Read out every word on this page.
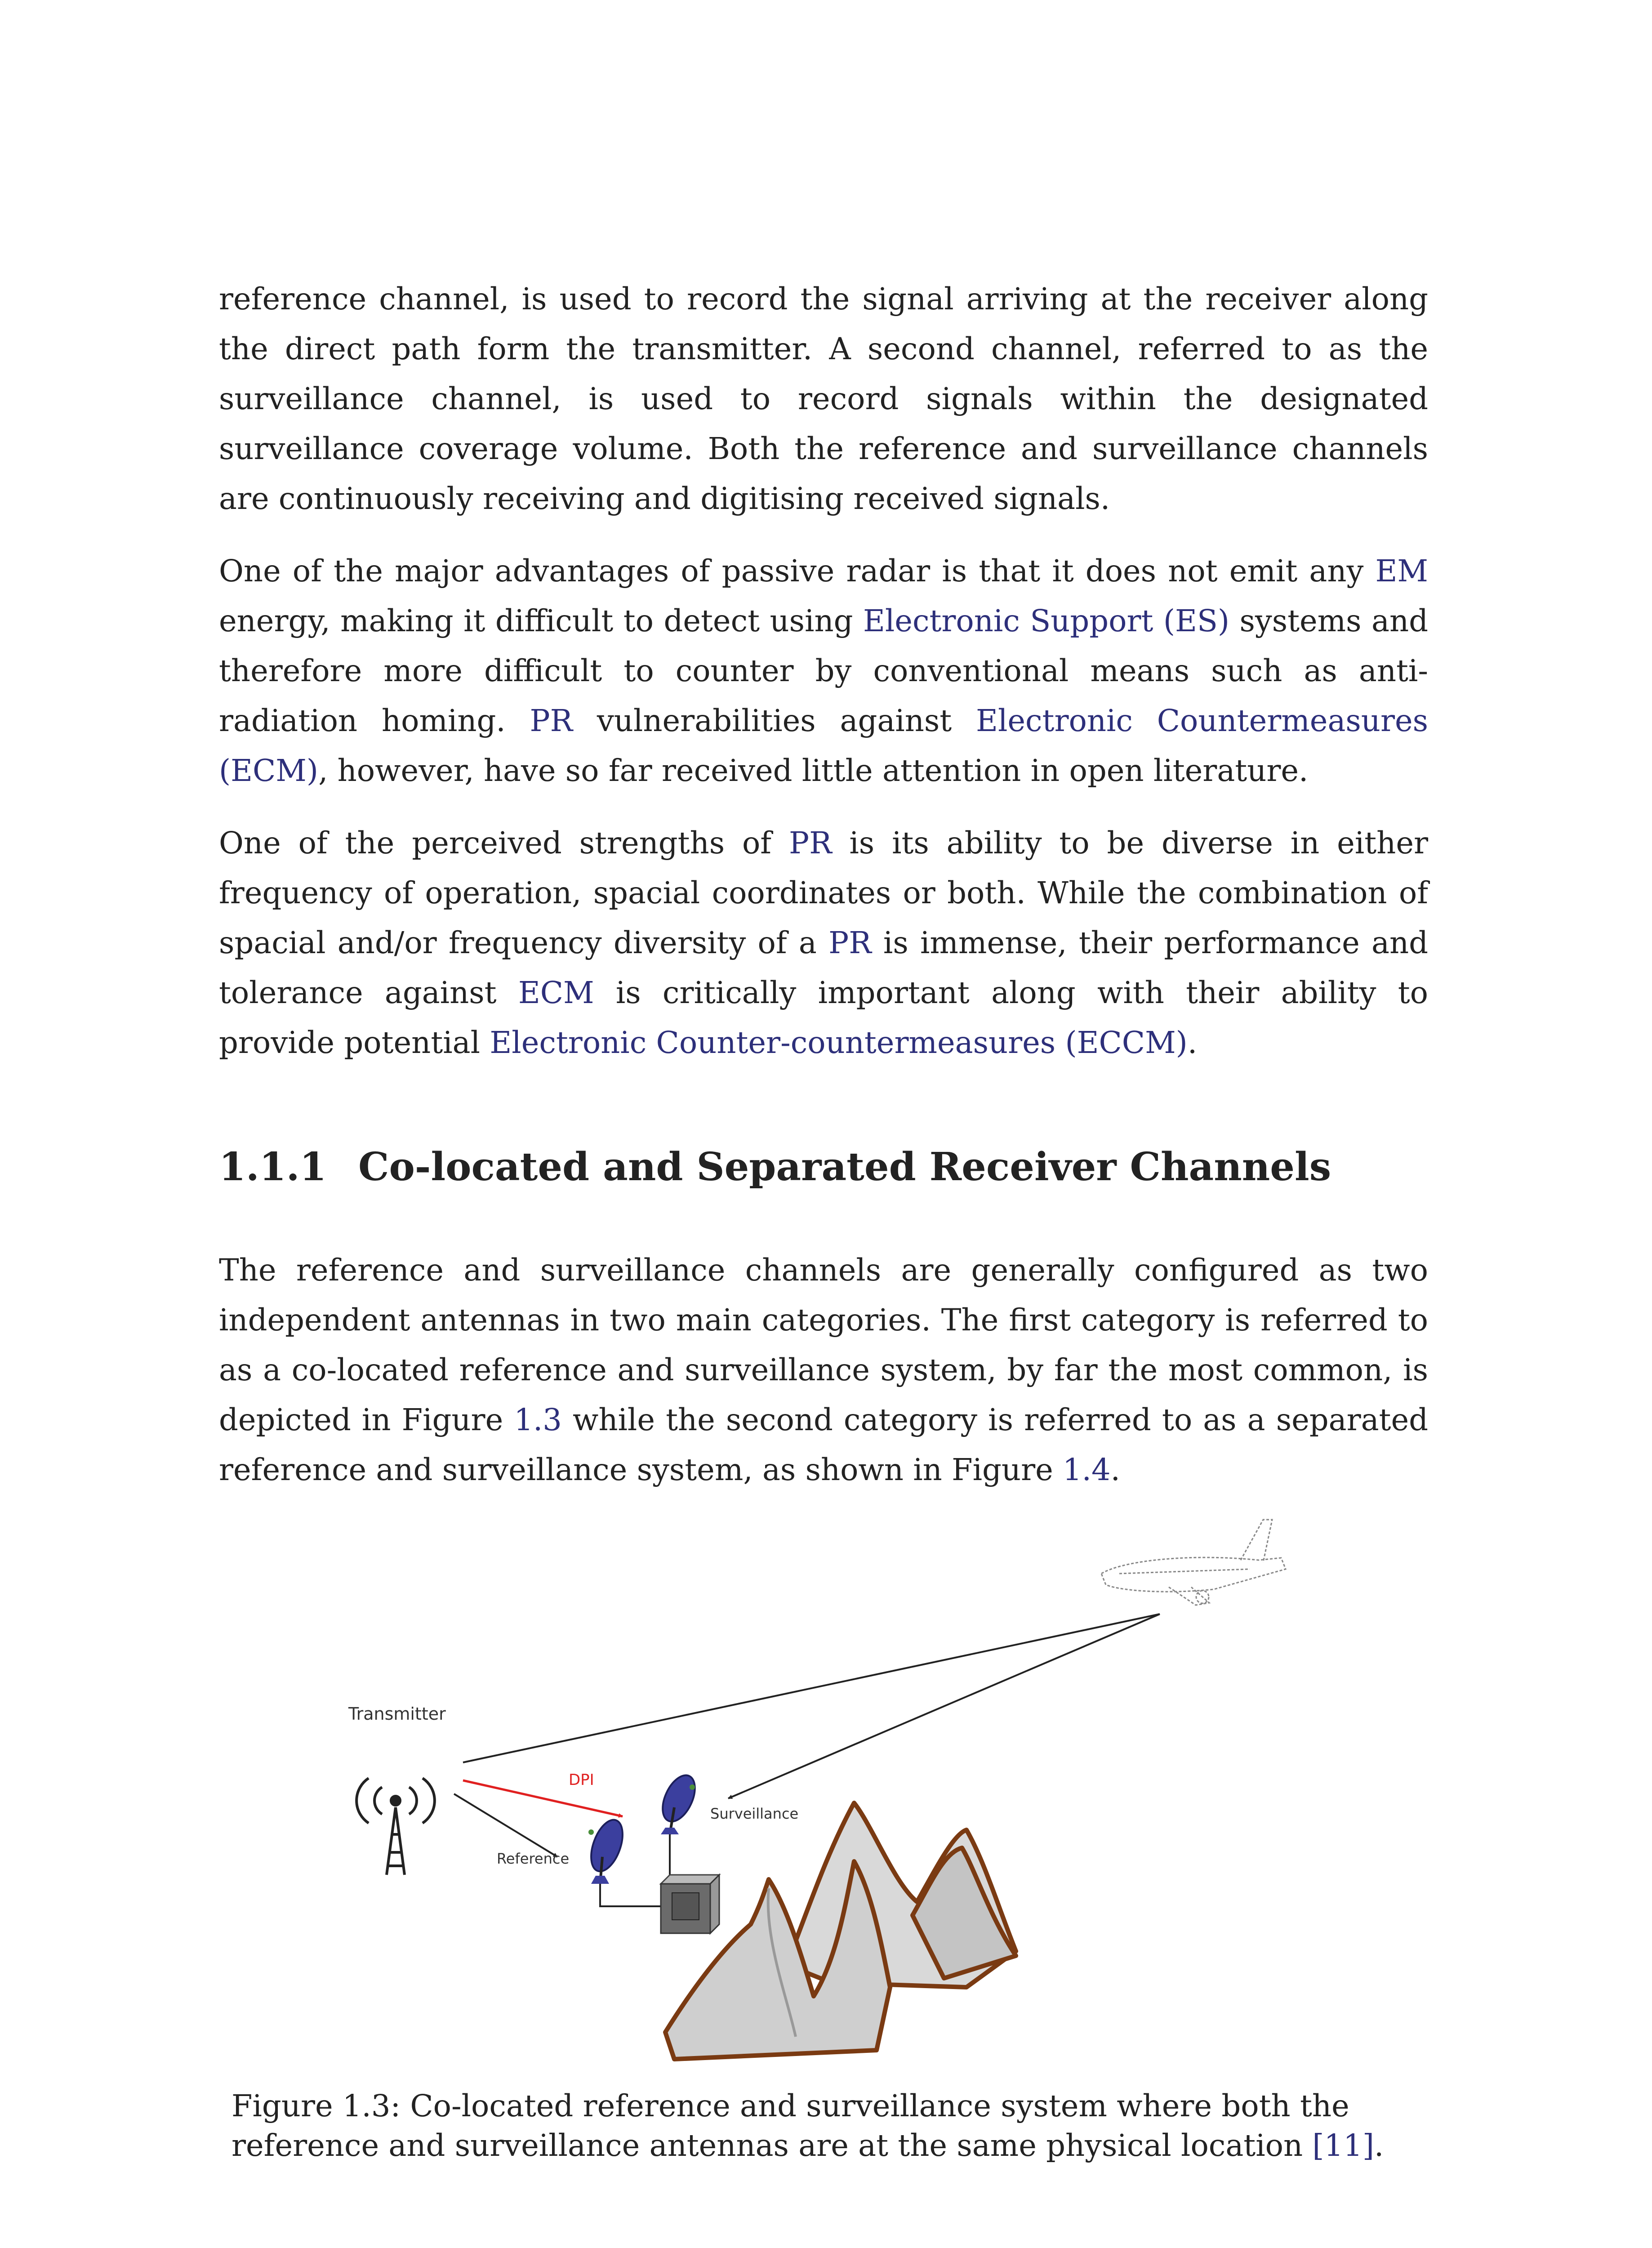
reference channel, is used to record the signal arriving at the receiver along the direct path form the transmitter. A second channel, referred to as the surveillance channel, is used to record signals within the designated surveillance coverage volume. Both the reference and surveillance channels are continuously receiving and digitising received signals.
One of the major advantages of passive radar is that it does not emit any EM energy, making it difficult to detect using Electronic Support (ES) systems and therefore more difficult to counter by conventional means such as anti-radiation homing. PR vulnerabilities against Electronic Countermeasures (ECM), however, have so far received little attention in open literature.
One of the perceived strengths of PR is its ability to be diverse in either frequency of operation, spacial coordinates or both. While the combination of spacial and/or frequency diversity of a PR is immense, their performance and tolerance against ECM is critically important along with their ability to provide potential Electronic Counter-countermeasures (ECCM).
1.1.1 Co-located and Separated Receiver Channels
The reference and surveillance channels are generally configured as two independent antennas in two main categories. The first category is referred to as a co-located reference and surveillance system, by far the most common, is depicted in Figure 1.3 while the second category is referred to as a separated reference and surveillance system, as shown in Figure 1.4.
Transmitter
DPI
Surveillance
Reference
Figure 1.3: Co-located reference and surveillance system where both the reference and surveillance antennas are at the same physical location [11].
